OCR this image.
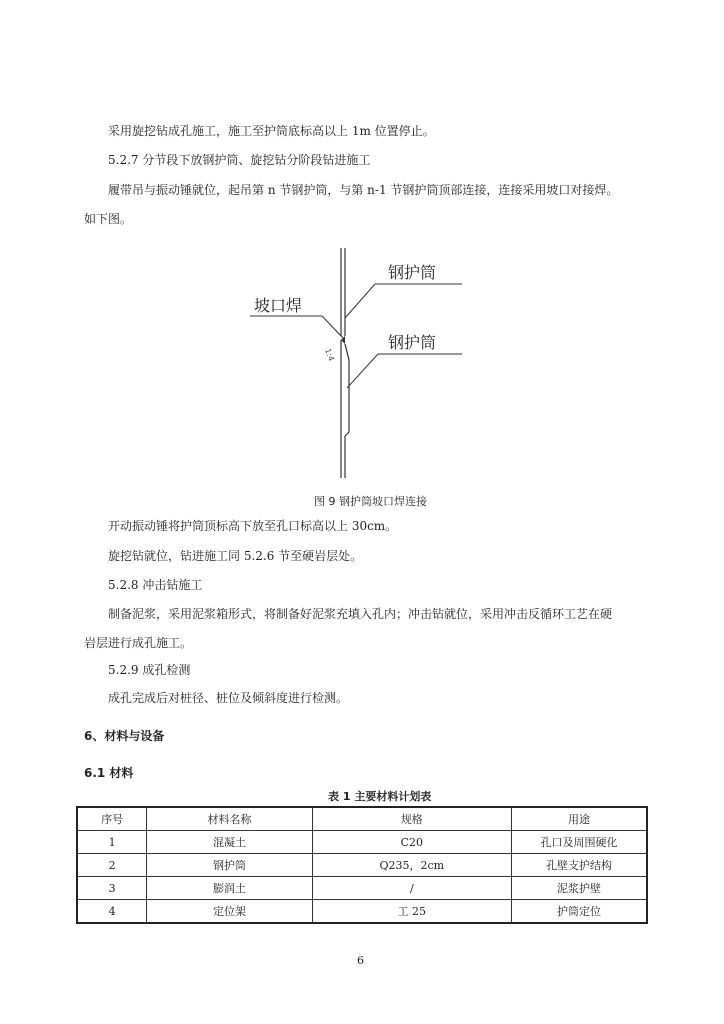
采用旋挖钻成孔施工，施工至护筒底标高以上 1m 位置停止。
5.2.7 分节段下放钢护筒、旋挖钻分阶段钻进施工
履带吊与振动锤就位，起吊第 n 节钢护筒，与第 n-1 节钢护筒顶部连接，连接采用坡口对接焊。
如下图。
钢护筒
坡口焊
钢护筒
1:4
图 9 钢护筒坡口焊连接
开动振动锤将护筒顶标高下放至孔口标高以上 30cm。
旋挖钻就位，钻进施工同 5.2.6 节至硬岩层处。
5.2.8 冲击钻施工
制备泥浆，采用泥浆箱形式，将制备好泥浆充填入孔内；冲击钻就位，采用冲击反循环工艺在硬
岩层进行成孔施工。
5.2.9 成孔检测
成孔完成后对桩径、桩位及倾斜度进行检测。
6、材料与设备
6.1 材料
表 1 主要材料计划表
序号	材料名称	规格	用途
1	混凝土	C20	孔口及周围硬化
2	钢护筒	Q235，2cm	孔壁支护结构
3	膨润土	/	泥浆护壁
4	定位架	工 25	护筒定位
6
